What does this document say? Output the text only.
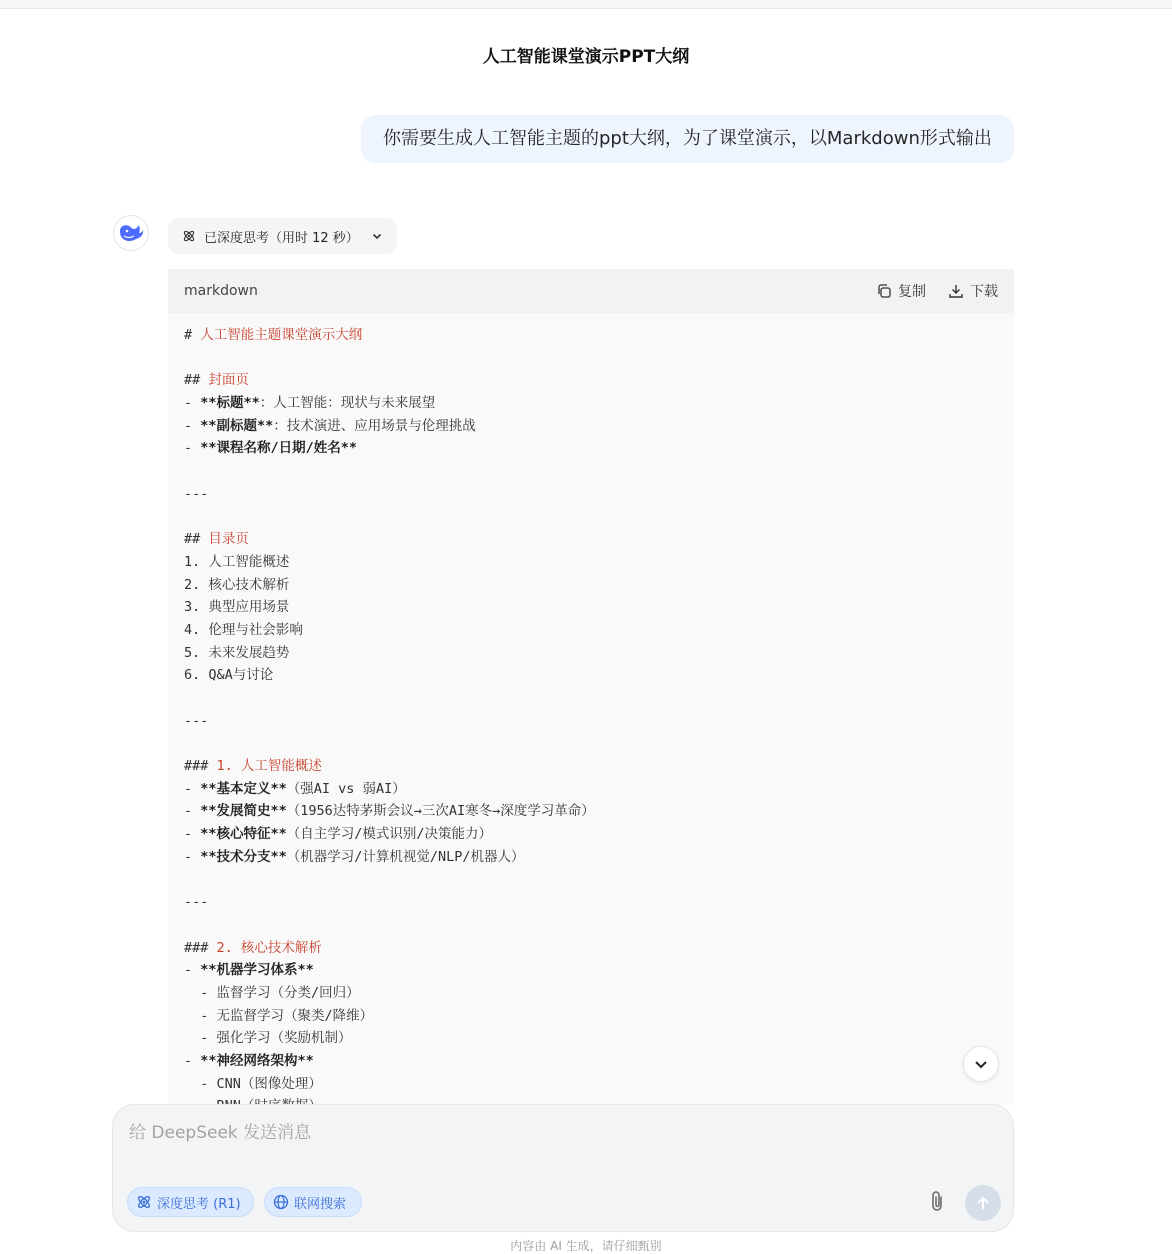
人工智能课堂演示PPT大纲
你需要生成人工智能主题的ppt大纲，为了课堂演示，以Markdown形式输出
已深度思考（用时 12 秒）
markdown	复制	下载
# 人工智能主题课堂演示大纲
## 封面页
- **标题**：人工智能：现状与未来展望
- **副标题**：技术演进、应用场景与伦理挑战
- **课程名称/日期/姓名**
---
## 目录页
1. 人工智能概述
2. 核心技术解析
3. 典型应用场景
4. 伦理与社会影响
5. 未来发展趋势
6. Q&A与讨论
---
### 1. 人工智能概述
- **基本定义**（强AI vs 弱AI）
- **发展简史**（1956达特茅斯会议→三次AI寒冬→深度学习革命）
- **核心特征**（自主学习/模式识别/决策能力）
- **技术分支**（机器学习/计算机视觉/NLP/机器人）
---
### 2. 核心技术解析
- **机器学习体系**
- 监督学习（分类/回归）
- 无监督学习（聚类/降维）
- 强化学习（奖励机制）
- **神经网络架构**
- CNN（图像处理）
给 DeepSeek 发送消息
深度思考 (R1)	联网搜索
内容由 AI 生成，请仔细甄别
